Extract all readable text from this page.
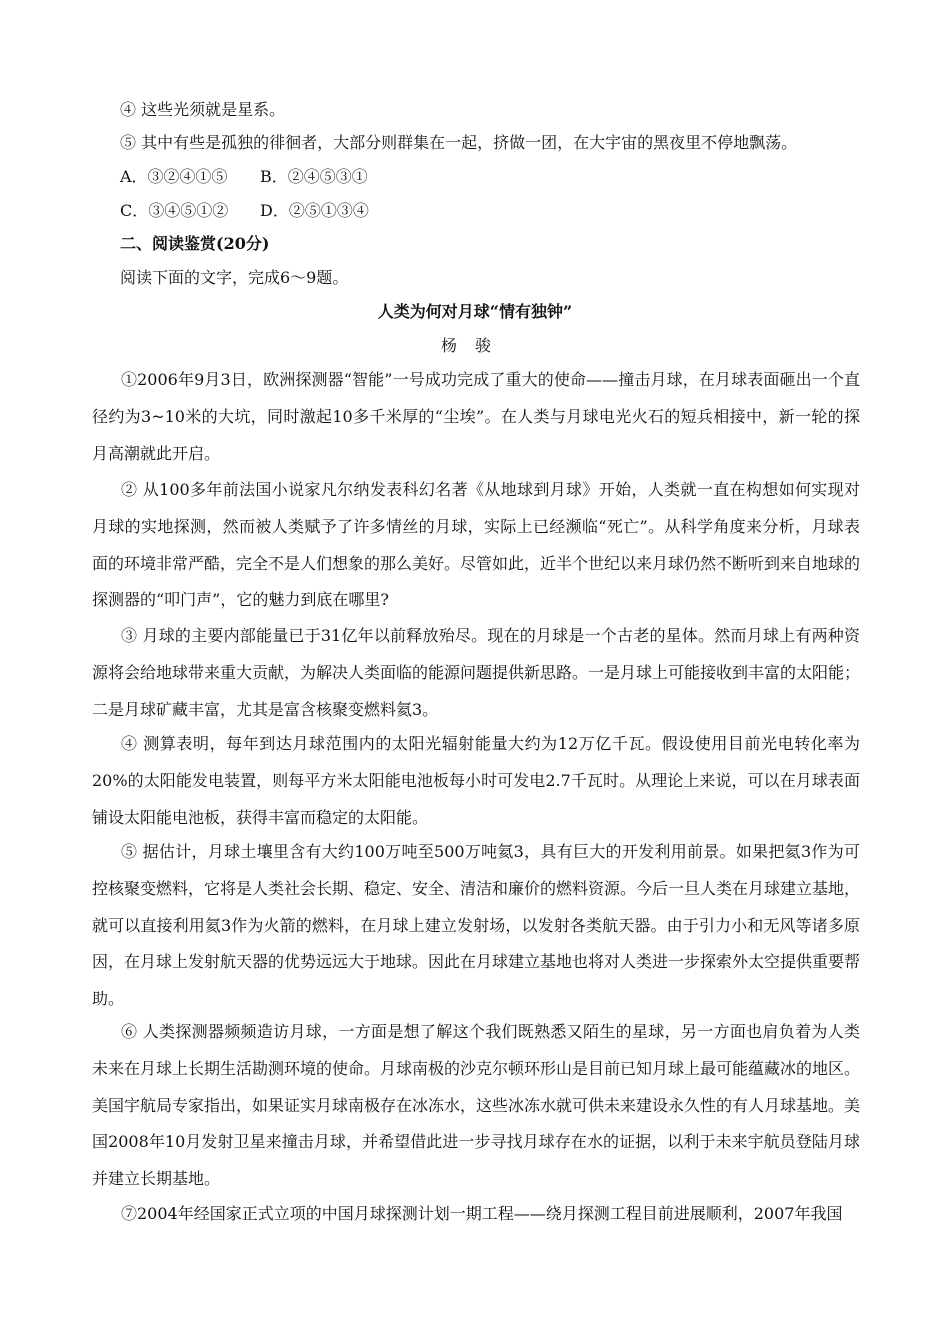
④ 这些光须就是星系。
⑤ 其中有些是孤独的徘徊者，大部分则群集在一起，挤做一团，在大宇宙的黑夜里不停地飘荡。
A．③②④①⑤ B．②④⑤③①
C．③④⑤①② D．②⑤①③④
二、阅读鉴赏(20分)
阅读下面的文字，完成6～9题。
人类为何对月球“情有独钟”
杨骏

①2006年9月3日，欧洲探测器“智能”一号成功完成了重大的使命——撞击月球，在月球表面砸出一个直径约为3~10米的大坑，同时激起10多千米厚的“尘埃”。在人类与月球电光火石的短兵相接中，新一轮的探月高潮就此开启。

② 从100多年前法国小说家凡尔纳发表科幻名著《从地球到月球》开始，人类就一直在构想如何实现对月球的实地探测，然而被人类赋予了许多情丝的月球，实际上已经濒临“死亡”。从科学角度来分析，月球表面的环境非常严酷，完全不是人们想象的那么美好。尽管如此，近半个世纪以来月球仍然不断听到来自地球的探测器的“叩门声”，它的魅力到底在哪里?

③ 月球的主要内部能量已于31亿年以前释放殆尽。现在的月球是一个古老的星体。然而月球上有两种资源将会给地球带来重大贡献，为解决人类面临的能源问题提供新思路。一是月球上可能接收到丰富的太阳能；二是月球矿藏丰富，尤其是富含核聚变燃料氦3。

④ 测算表明，每年到达月球范围内的太阳光辐射能量大约为12万亿千瓦。假设使用目前光电转化率为20%的太阳能发电装置，则每平方米太阳能电池板每小时可发电2.7千瓦时。从理论上来说，可以在月球表面铺设太阳能电池板，获得丰富而稳定的太阳能。

⑤ 据估计，月球土壤里含有大约100万吨至500万吨氦3，具有巨大的开发利用前景。如果把氦3作为可控核聚变燃料，它将是人类社会长期、稳定、安全、清洁和廉价的燃料资源。今后一旦人类在月球建立基地，就可以直接利用氦3作为火箭的燃料，在月球上建立发射场，以发射各类航天器。由于引力小和无风等诸多原因，在月球上发射航天器的优势远远大于地球。因此在月球建立基地也将对人类进一步探索外太空提供重要帮助。

⑥ 人类探测器频频造访月球，一方面是想了解这个我们既熟悉又陌生的星球，另一方面也肩负着为人类未来在月球上长期生活勘测环境的使命。月球南极的沙克尔顿环形山是目前已知月球上最可能蕴藏冰的地区。美国宇航局专家指出，如果证实月球南极存在冰冻水，这些冰冻水就可供未来建设永久性的有人月球基地。美国2008年10月发射卫星来撞击月球，并希望借此进一步寻找月球存在水的证据，以利于未来宇航员登陆月球并建立长期基地。

⑦2004年经国家正式立项的中国月球探测计划一期工程——绕月探测工程目前进展顺利，2007年我国
